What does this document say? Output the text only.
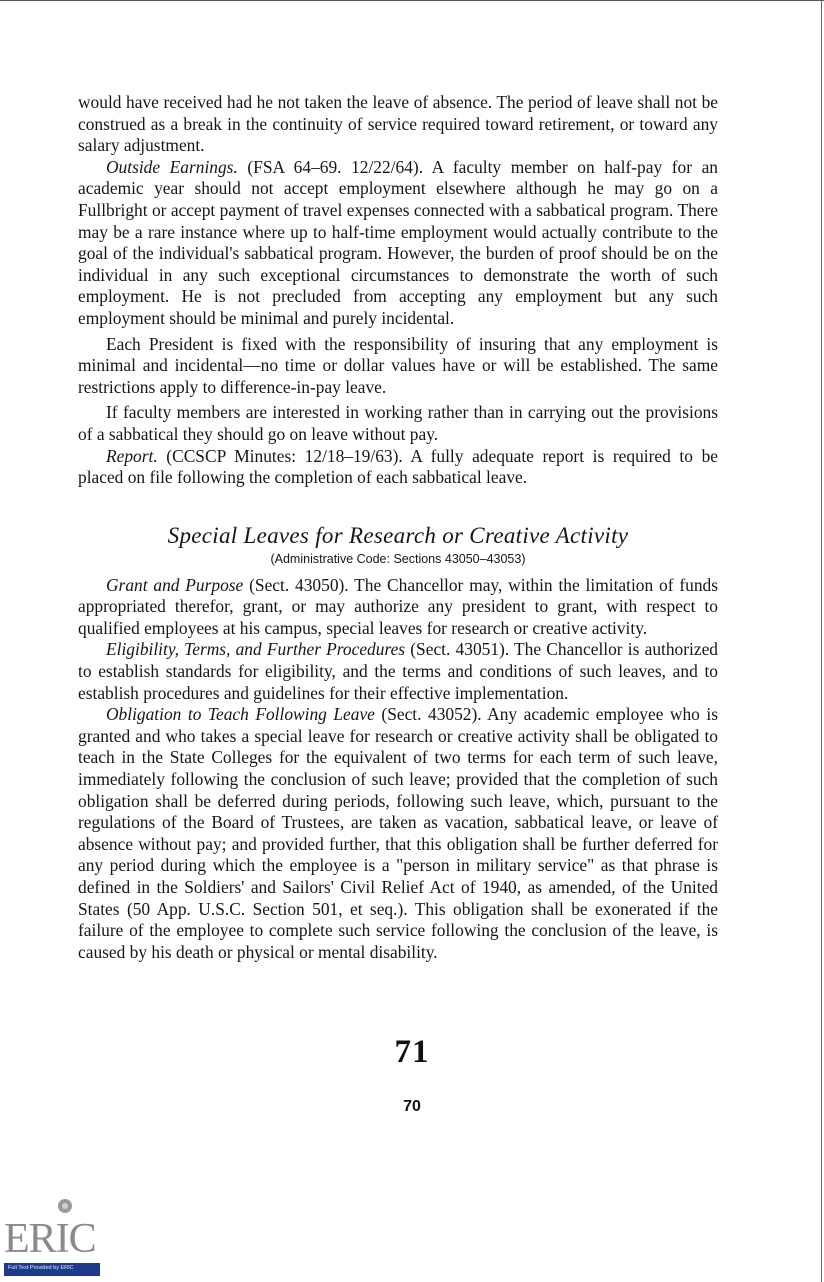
would have received had he not taken the leave of absence. The period of leave shall not be construed as a break in the continuity of service required toward retirement, or toward any salary adjustment.

Outside Earnings. (FSA 64–69. 12/22/64). A faculty member on half-pay for an academic year should not accept employment elsewhere although he may go on a Fullbright or accept payment of travel expenses connected with a sabbatical program. There may be a rare instance where up to half-time employment would actually contribute to the goal of the individual's sabbatical program. However, the burden of proof should be on the individual in any such exceptional circumstances to demonstrate the worth of such employment. He is not precluded from accepting any employment but any such employment should be minimal and purely incidental.

Each President is fixed with the responsibility of insuring that any employment is minimal and incidental—no time or dollar values have or will be established. The same restrictions apply to difference-in-pay leave.

If faculty members are interested in working rather than in carrying out the provisions of a sabbatical they should go on leave without pay.

Report. (CCSCP Minutes: 12/18–19/63). A fully adequate report is required to be placed on file following the completion of each sabbatical leave.

Special Leaves for Research or Creative Activity
(Administrative Code: Sections 43050–43053)

Grant and Purpose (Sect. 43050). The Chancellor may, within the limitation of funds appropriated therefor, grant, or may authorize any president to grant, with respect to qualified employees at his campus, special leaves for research or creative activity.

Eligibility, Terms, and Further Procedures (Sect. 43051). The Chancellor is authorized to establish standards for eligibility, and the terms and conditions of such leaves, and to establish procedures and guidelines for their effective implementation.

Obligation to Teach Following Leave (Sect. 43052). Any academic employee who is granted and who takes a special leave for research or creative activity shall be obligated to teach in the State Colleges for the equivalent of two terms for each term of such leave, immediately following the conclusion of such leave; provided that the completion of such obligation shall be deferred during periods, following such leave, which, pursuant to the regulations of the Board of Trustees, are taken as vacation, sabbatical leave, or leave of absence without pay; and provided further, that this obligation shall be further deferred for any period during which the employee is a "person in military service" as that phrase is defined in the Soldiers' and Sailors' Civil Relief Act of 1940, as amended, of the United States (50 App. U.S.C. Section 501, et seq.). This obligation shall be exonerated if the failure of the employee to complete such service following the conclusion of the leave, is caused by his death or physical or mental disability.

71
70
ERIC
Full Text Provided by ERIC
